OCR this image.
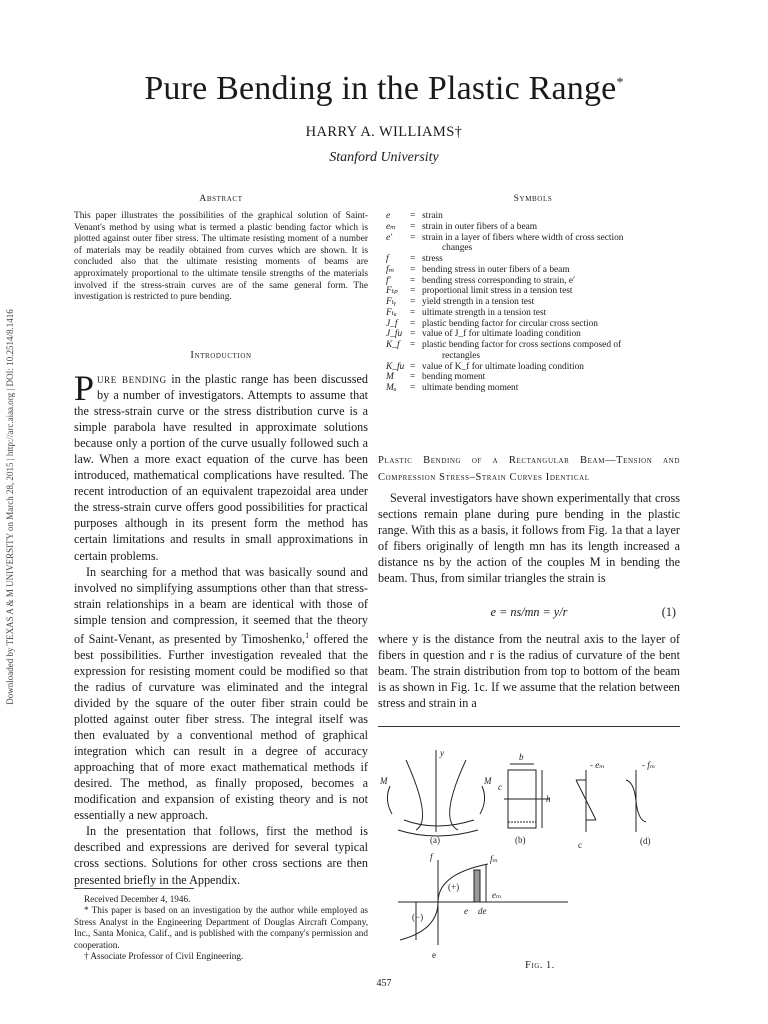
Downloaded by TEXAS A & M UNIVERSITY on March 28, 2015 | http://arc.aiaa.org | DOI: 10.2514/8.1416
Pure Bending in the Plastic Range*
HARRY A. WILLIAMS†
Stanford University
Abstract
This paper illustrates the possibilities of the graphical solution of Saint-Venant's method by using what is termed a plastic bending factor which is plotted against outer fiber stress. The ultimate resisting moment of a number of materials may be readily obtained from curves which are shown. It is concluded also that the ultimate resisting moments of beams are approximately proportional to the ultimate tensile strengths of the materials involved if the stress-strain curves are of the same general form. The investigation is restricted to pure bending.
Introduction

Pure bending in the plastic range has been discussed by a number of investigators. Attempts to assume that the stress-strain curve or the stress distribution curve is a simple parabola have resulted in approximate solutions because only a portion of the curve usually followed such a law. When a more exact equation of the curve has been introduced, mathematical complications have resulted. The recent introduction of an equivalent trapezoidal area under the stress-strain curve offers good possibilities for practical purposes although in its present form the method has certain limitations and results in small approximations in certain problems.

In searching for a method that was basically sound and involved no simplifying assumptions other than that stress-strain relationships in a beam are identical with those of simple tension and compression, it seemed that the theory of Saint-Venant, as presented by Timoshenko,$^1$ offered the best possibilities. Further investigation revealed that the expression for resisting moment could be modified so that the radius of curvature was eliminated and the integral divided by the square of the outer fiber strain could be plotted against outer fiber stress. The integral itself was then evaluated by a conventional method of graphical integration which can result in a degree of accuracy approaching that of more exact mathematical methods if desired. The method, as finally proposed, becomes a modification and expansion of existing theory and is not essentially a new approach.

In the presentation that follows, first the method is described and expressions are derived for several typical cross sections. Solutions for other cross sections are then presented briefly in the Appendix.

Received December 4, 1946.
* This paper is based on an investigation by the author while employed as Stress Analyst in the Engineering Department of Douglas Aircraft Company, Inc., Santa Monica, Calif., and is published with the company's permission and cooperation.
† Associate Professor of Civil Engineering.
Symbols
e	= strain
eₘ	= strain in outer fibers of a beam
e′	= strain in a layer of fibers where width of cross section
changes
f	= stress
fₘ	= bending stress in outer fibers of a beam
f′	= bending stress corresponding to strain, e′
Fₜₚ	= proportional limit stress in a tension test
Fₜᵧ	= yield strength in a tension test
Fₜᵤ	= ultimate strength in a tension test
J_f	= plastic bending factor for circular cross section
J_fu = value of J_f for ultimate loading condition
K_f	= plastic bending factor for cross sections composed of
rectangles
K_fu = value of K_f for ultimate loading condition
M	= bending moment
Mᵤ	= ultimate bending moment
Plastic Bending of a Rectangular Beam—Tension and Compression Stress–Strain Curves Identical

Several investigators have shown experimentally that cross sections remain plane during pure bending in the plastic range. With this as a basis, it follows from Fig. 1a that a layer of fibers originally of length mn has its length increased a distance ns by the action of the couples M in bending the beam. Thus, from similar triangles the strain is

e = ns/mn = y/r	(1)
where y is the distance from the neutral axis to the layer of fibers in question and r is the radius of curvature of the bent beam. The strain distribution from top to bottom of the beam is as shown in Fig. 1c. If we assume that the relation between stress and strain in a
(a)	(b)	c	(d)
e
M	M
y
- eₘ	- fₘ
c
h
b
(+)
(−)
f	fₘ
eₘ
e de
Fig. 1.
457
